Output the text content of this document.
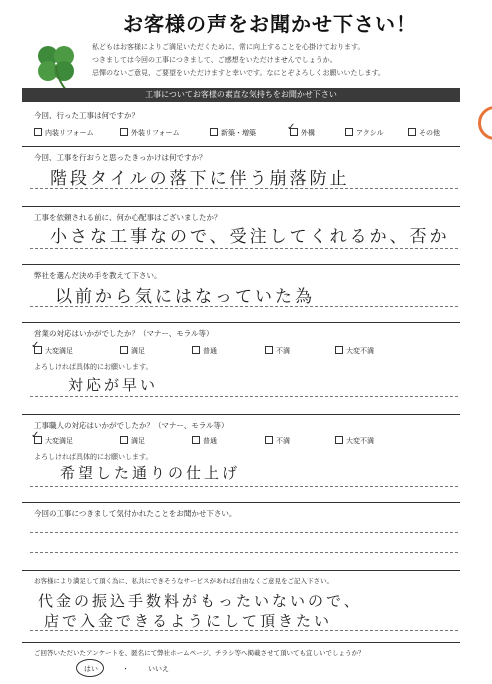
お客様の声をお聞かせ下さい！
私どもはお客様によりご満足いただくために、常に向上することを心掛けております。
つきましては今回の工事につきまして、ご感想をいただけませんでしょうか。
忌憚のないご意見、ご要望をいただけますと幸いです。なにとぞよろしくお願いいたします。
工事についてお客様の素直な気持ちをお聞かせ下さい
今回、行った工事は何ですか？
内装リフォーム	外装リフォーム	新築・増築	外構
✓	アクシル	その他
今回、工事を行おうと思ったきっかけは何ですか？
階段タイルの落下に伴う崩落防止
工事を依頼される前に、何か心配事はございましたか？
小さな工事なので、受注してくれるか、否か
弊社を選んだ決め手を教えて下さい。
以前から気にはなっていた為
営業の対応はいかがでしたか？（マナー、モラル等）
大変満足
✓	満足	普通	不満	大変不満
よろしければ具体的にお願いします。
対応が早い
工事職人の対応はいかがでしたか？（マナー、モラル等）
大変満足
✓	満足	普通	不満	大変不満
よろしければ具体的にお願いします。
希望した通りの仕上げ
今回の工事につきまして気付かれたことをお聞かせ下さい。
お客様により満足して頂く為に、私共にできそうなサービスがあれば自由なくご意見をご記入下さい。
代金の振込手数料がもったいないので、
店で入金できるようにして頂きたい
ご回答いただいたアンケートを、匿名にて弊社ホームページ、チラシ等へ掲載させて頂いても宜しいでしょうか？
はい	・	いいえ
